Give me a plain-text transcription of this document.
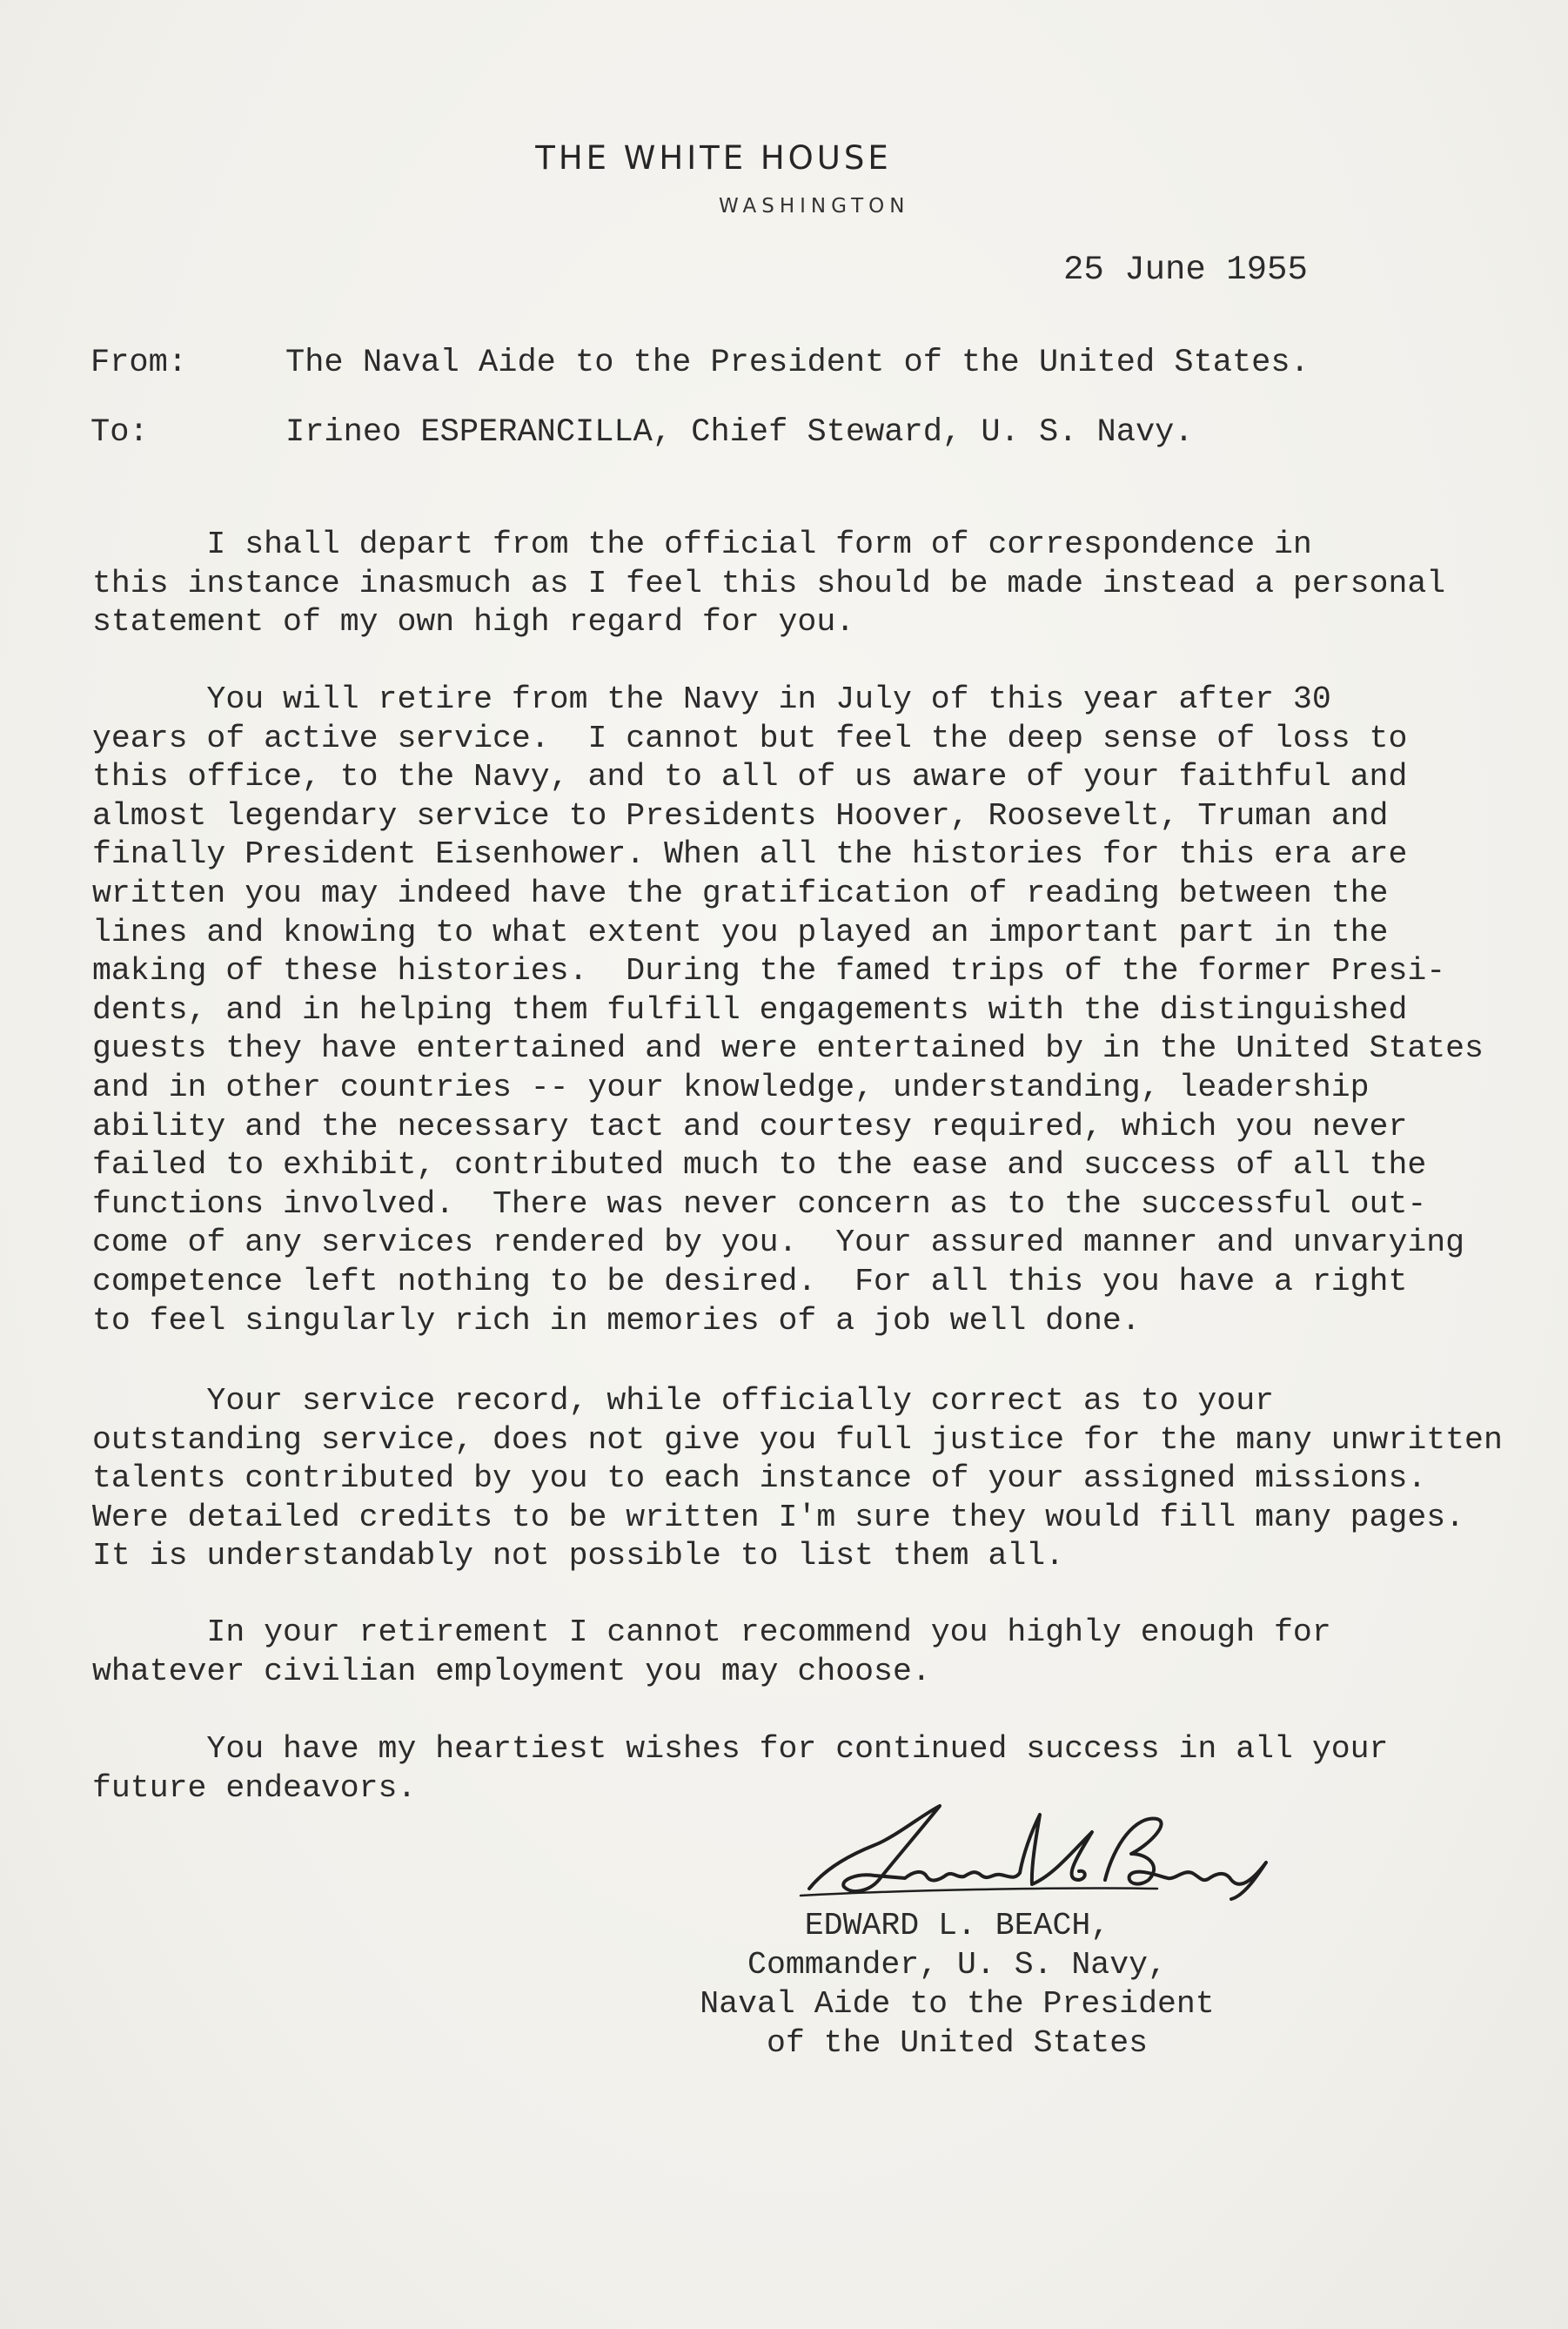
THE WHITE HOUSE
WASHINGTON
25 June 1955
From:	The Naval Aide to the President of the United States.
To:	Irineo ESPERANCILLA, Chief Steward, U. S. Navy.
I shall depart from the official form of correspondence in
this instance inasmuch as I feel this should be made instead a personal
statement of my own high regard for you.
You will retire from the Navy in July of this year after 30
years of active service.  I cannot but feel the deep sense of loss to
this office, to the Navy, and to all of us aware of your faithful and
almost legendary service to Presidents Hoover, Roosevelt, Truman and
finally President Eisenhower. When all the histories for this era are
written you may indeed have the gratification of reading between the
lines and knowing to what extent you played an important part in the
making of these histories.  During the famed trips of the former Presi-
dents, and in helping them fulfill engagements with the distinguished
guests they have entertained and were entertained by in the United States
and in other countries -- your knowledge, understanding, leadership
ability and the necessary tact and courtesy required, which you never
failed to exhibit, contributed much to the ease and success of all the
functions involved.  There was never concern as to the successful out-
come of any services rendered by you.  Your assured manner and unvarying
competence left nothing to be desired.  For all this you have a right
to feel singularly rich in memories of a job well done.
Your service record, while officially correct as to your
outstanding service, does not give you full justice for the many unwritten
talents contributed by you to each instance of your assigned missions.
Were detailed credits to be written I'm sure they would fill many pages.
It is understandably not possible to list them all.
In your retirement I cannot recommend you highly enough for
whatever civilian employment you may choose.
You have my heartiest wishes for continued success in all your
future endeavors.
EDWARD L. BEACH,
Commander, U. S. Navy,
Naval Aide to the President
of the United States
